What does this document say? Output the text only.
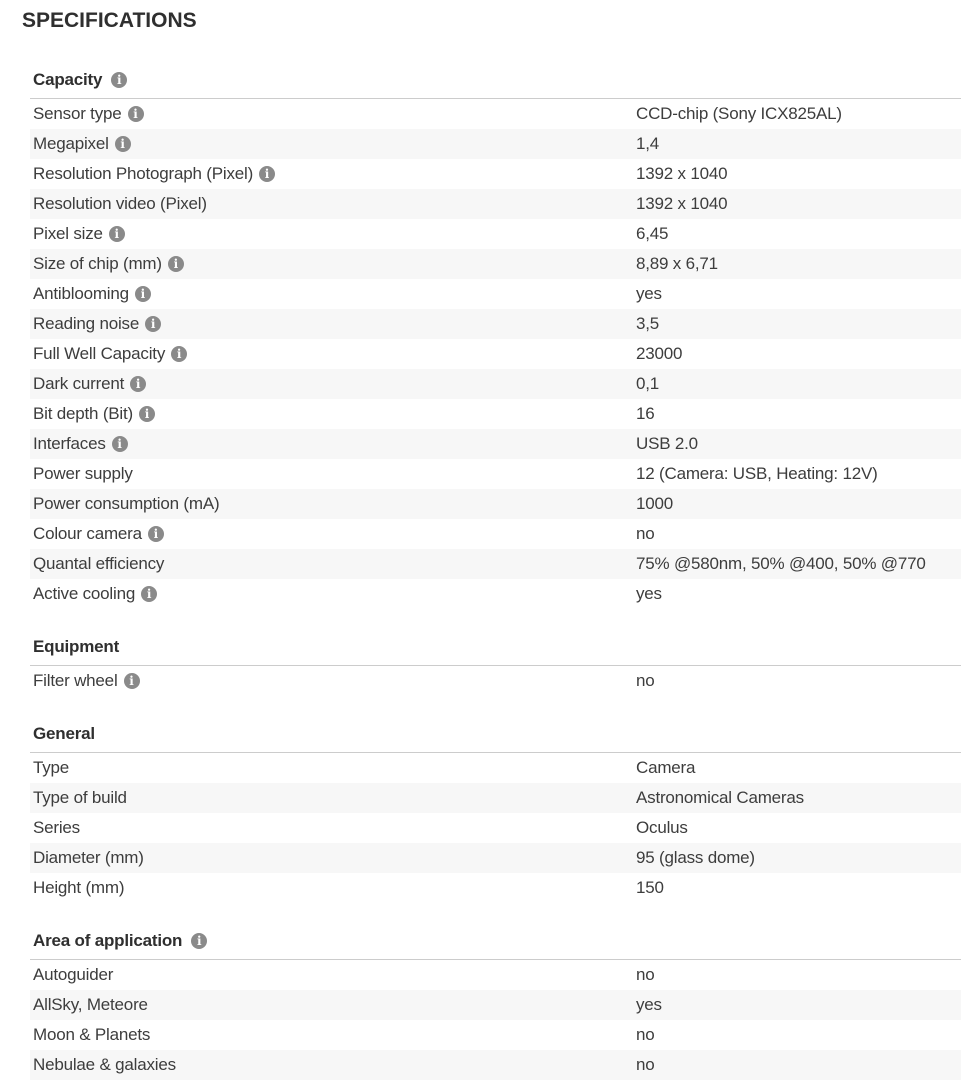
SPECIFICATIONS
Capacity	i
Sensor type i	CCD-chip (Sony ICX825AL)
Megapixel i	1,4
Resolution Photograph (Pixel) i	1392 x 1040
Resolution video (Pixel)	1392 x 1040
Pixel size i	6,45
Size of chip (mm) i	8,89 x 6,71
Antiblooming i	yes
Reading noise i	3,5
Full Well Capacity i	23000
Dark current i	0,1
Bit depth (Bit) i	16
Interfaces i	USB 2.0
Power supply	12 (Camera: USB, Heating: 12V)
Power consumption (mA)	1000
Colour camera i	no
Quantal efficiency	75% @580nm, 50% @400, 50% @770
Active cooling i	yes
Equipment
Filter wheel i	no
General
Type	Camera
Type of build	Astronomical Cameras
Series	Oculus
Diameter (mm)	95 (glass dome)
Height (mm)	150
Area of application	i
Autoguider	no
AllSky, Meteore	yes
Moon & Planets	no
Nebulae & galaxies	no
